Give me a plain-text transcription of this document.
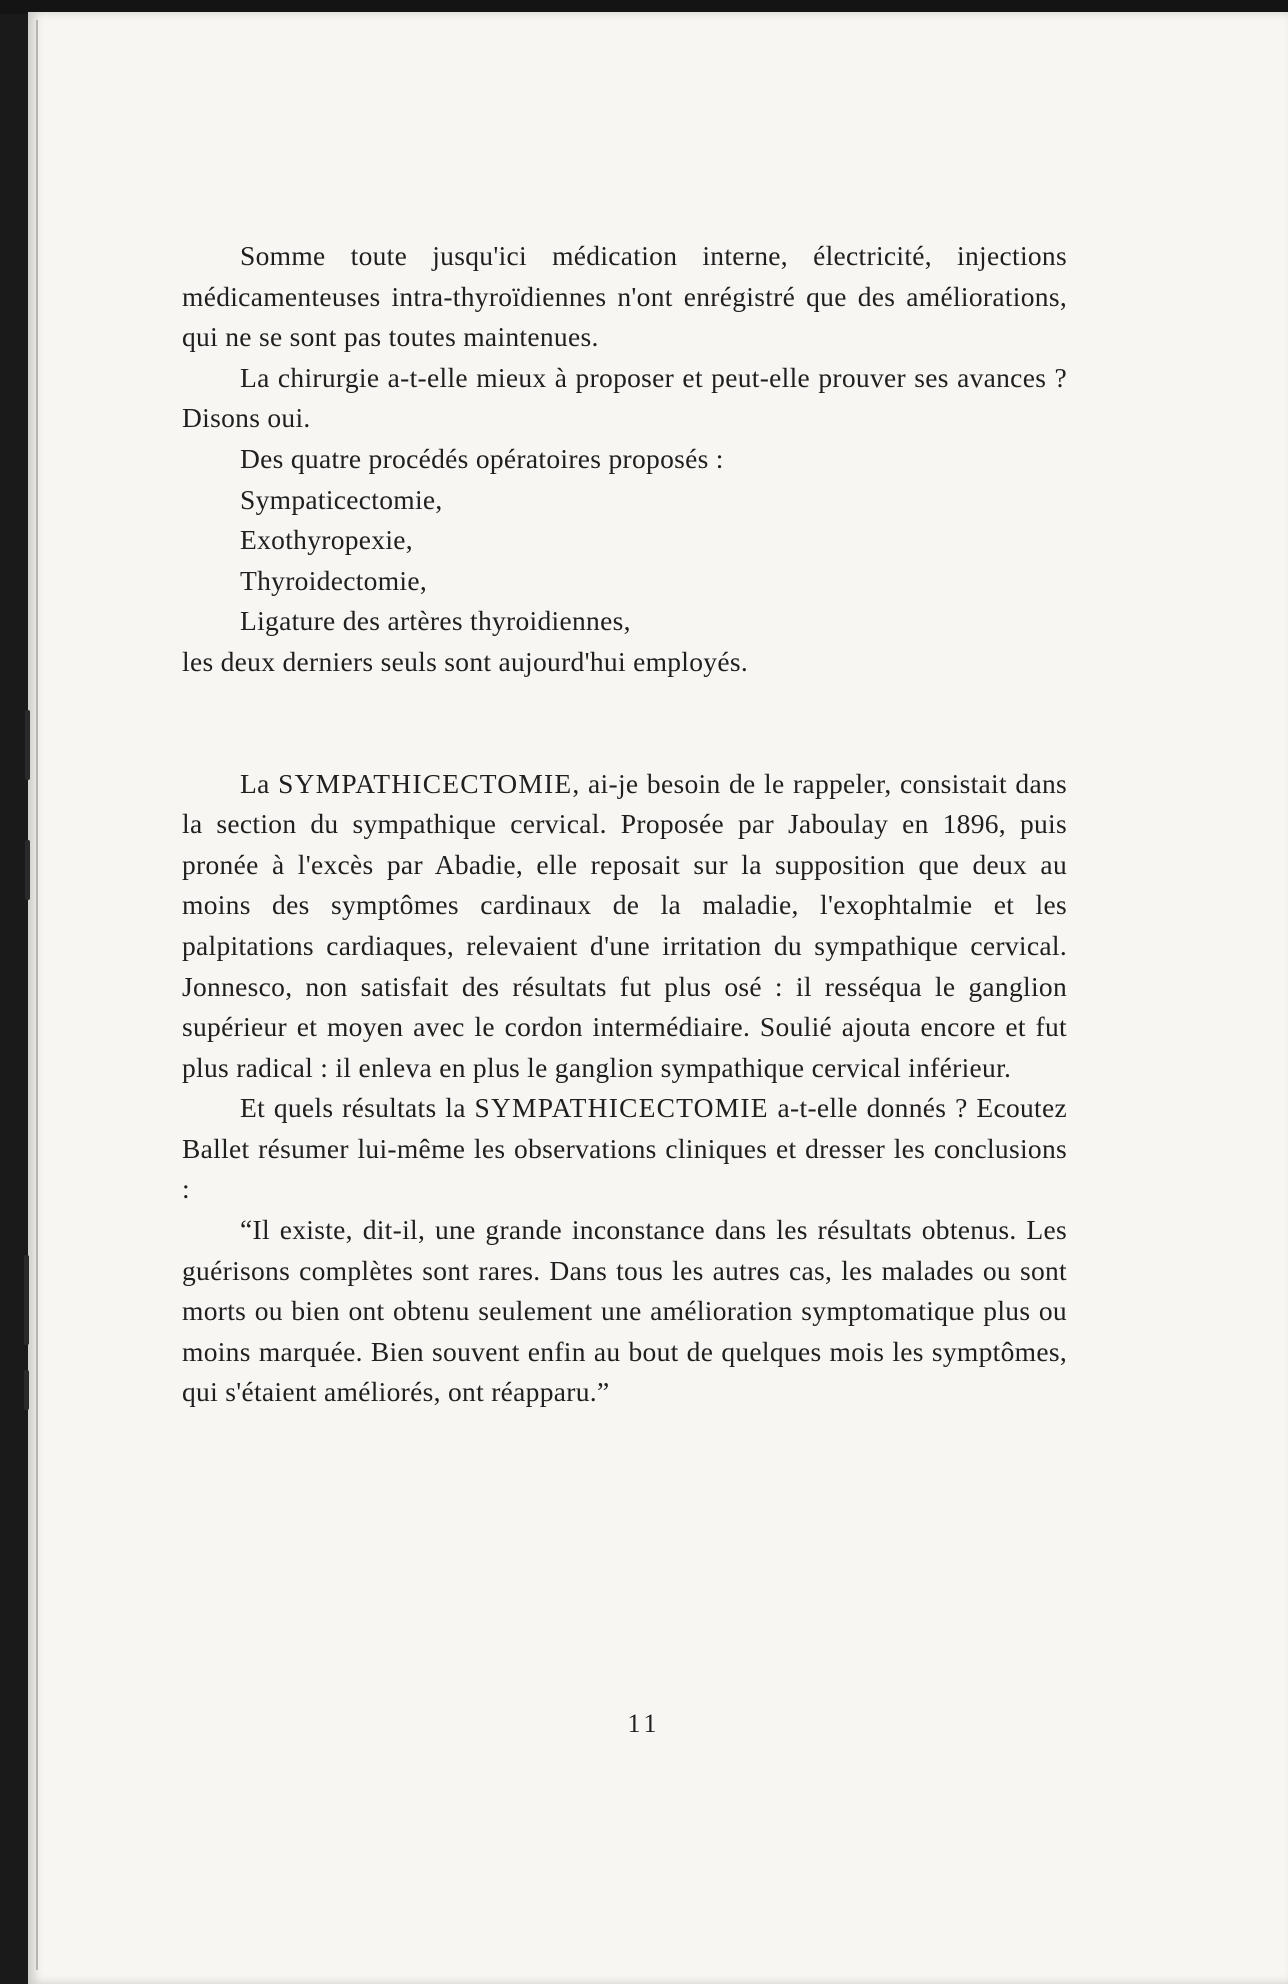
Somme toute jusqu'ici médication interne, électricité, injections médicamenteuses intra-thyroïdiennes n'ont enrégistré que des améliorations, qui ne se sont pas toutes maintenues.

La chirurgie a-t-elle mieux à proposer et peut-elle prouver ses avances ? Disons oui.

Des quatre procédés opératoires proposés :

Sympaticectomie,

Exothyropexie,

Thyroidectomie,

Ligature des artères thyroidiennes,

les deux derniers seuls sont aujourd'hui employés.

La SYMPATHICECTOMIE, ai-je besoin de le rappeler, consistait dans la section du sympathique cervical. Proposée par Jaboulay en 1896, puis pronée à l'excès par Abadie, elle reposait sur la supposition que deux au moins des symptômes cardinaux de la maladie, l'exophtalmie et les palpitations cardiaques, relevaient d'une irritation du sympathique cervical. Jonnesco, non satisfait des résultats fut plus osé : il resséqua le ganglion supérieur et moyen avec le cordon intermédiaire. Soulié ajouta encore et fut plus radical : il enleva en plus le ganglion sympathique cervical inférieur.

Et quels résultats la SYMPATHICECTOMIE a-t-elle donnés ? Ecoutez Ballet résumer lui-même les observations cliniques et dresser les conclusions :

“Il existe, dit-il, une grande inconstance dans les résultats obtenus. Les guérisons complètes sont rares. Dans tous les autres cas, les malades ou sont morts ou bien ont obtenu seulement une amélioration symptomatique plus ou moins marquée. Bien souvent enfin au bout de quelques mois les symptômes, qui s'étaient améliorés, ont réapparu.”

11
